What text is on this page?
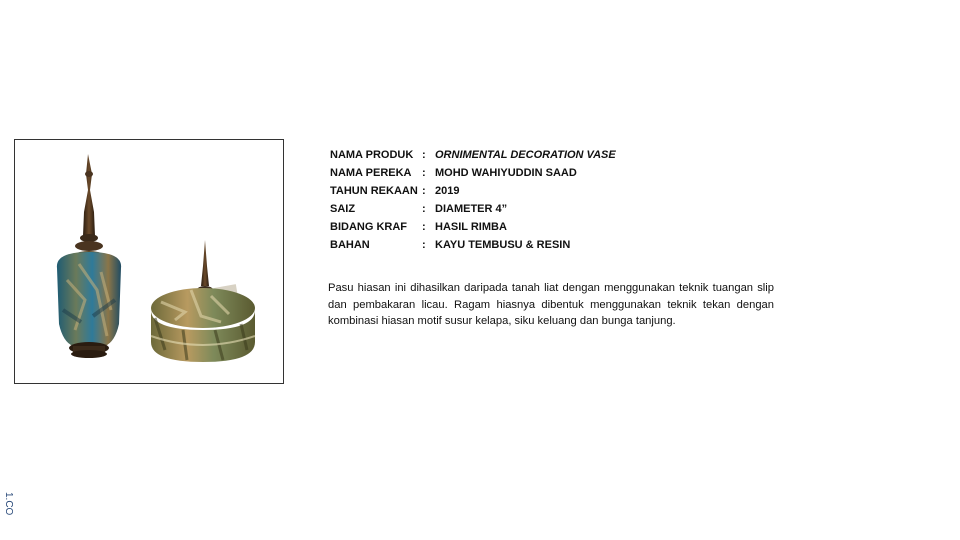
NAMA PRODUK	:	ORNIMENTAL DECORATION VASE
NAMA PEREKA	:	MOHD WAHIYUDDIN SAAD
TAHUN REKAAN	:	2019
SAIZ	:	DIAMETER 4”
BIDANG KRAF	:	HASIL RIMBA
BAHAN	:	KAYU TEMBUSU & RESIN

Pasu hiasan ini dihasilkan daripada tanah liat dengan menggunakan teknik tuangan slip dan pembakaran licau. Ragam hiasnya dibentuk menggunakan teknik tekan dengan kombinasi hiasan motif susur kelapa, siku keluang dan bunga tanjung.

1.CO
